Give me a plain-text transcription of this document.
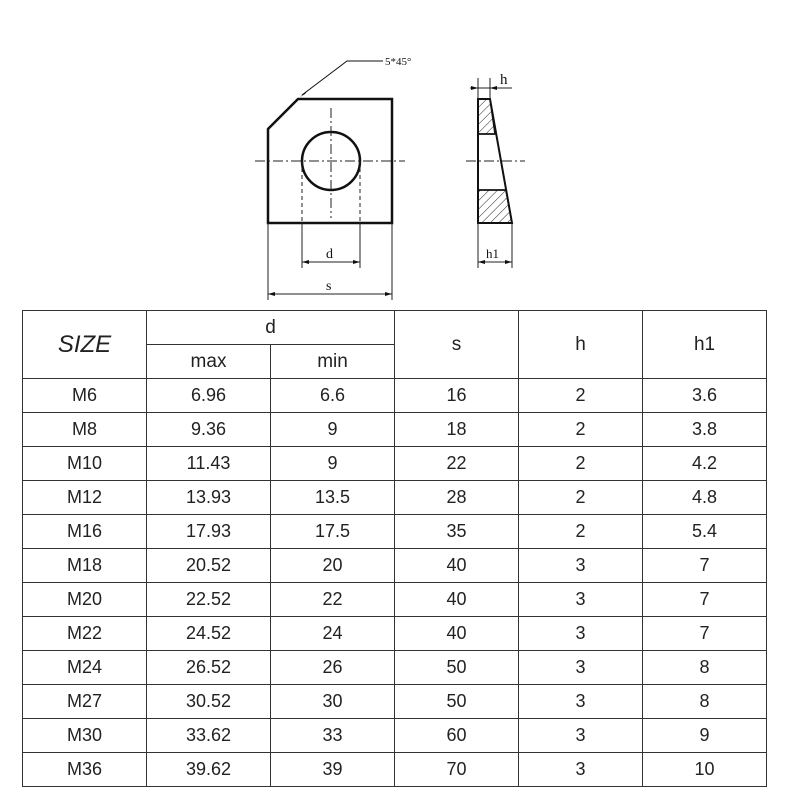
5*45°
d
s
h
h1
SIZE	d		s	h	h1
	max	min			
M6	6.96	6.6	16	2	3.6
M8	9.36	9	18	2	3.8
M10	11.43	9	22	2	4.2
M12	13.93	13.5	28	2	4.8
M16	17.93	17.5	35	2	5.4
M18	20.52	20	40	3	7
M20	22.52	22	40	3	7
M22	24.52	24	40	3	7
M24	26.52	26	50	3	8
M27	30.52	30	50	3	8
M30	33.62	33	60	3	9
M36	39.62	39	70	3	10
